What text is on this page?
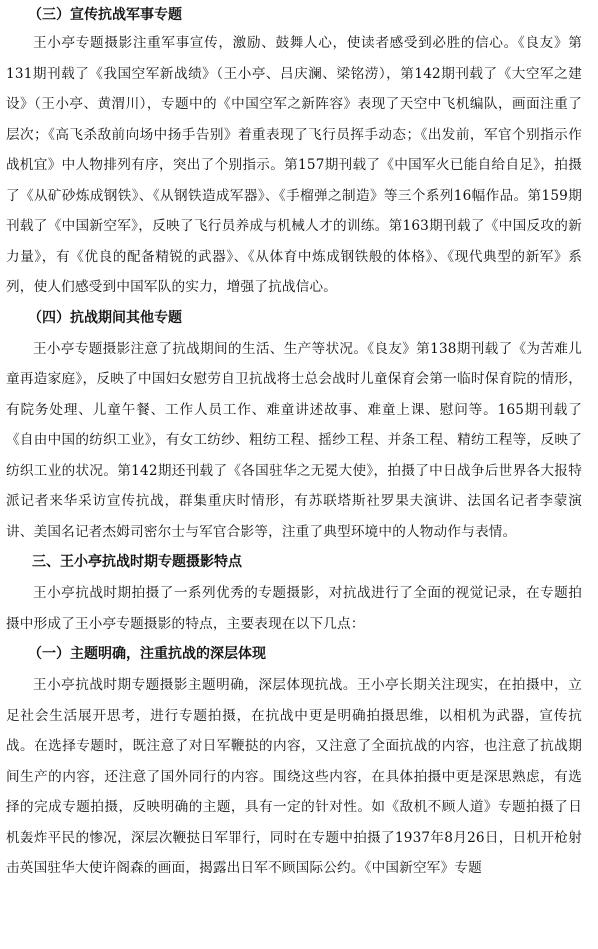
（三）宣传抗战军事专题

王小亭专题摄影注重军事宣传，激励、鼓舞人心，使读者感受到必胜的信心。《良友》第131期刊载了《我国空军新战绩》（王小亭、吕庆澜、梁铭涝），第142期刊载了《大空军之建设》（王小亭、黄渭川），专题中的《中国空军之新阵容》表现了天空中飞机编队，画面注重了层次；《高飞杀敌前向场中扬手告别》着重表现了飞行员挥手动态；《出发前，军官个别指示作战机宜》中人物排列有序，突出了个别指示。第157期刊载了《中国军火已能自给自足》，拍摄了《从矿砂炼成钢铁》、《从钢铁造成军器》、《手榴弹之制造》等三个系列16幅作品。第159期刊载了《中国新空军》，反映了飞行员养成与机械人才的训练。第163期刊载了《中国反攻的新力量》，有《优良的配备精锐的武器》、《从体育中炼成钢铁般的体格》、《现代典型的新军》系列，使人们感受到中国军队的实力，增强了抗战信心。

（四）抗战期间其他专题

王小亭专题摄影注意了抗战期间的生活、生产等状况。《良友》第138期刊载了《为苦难儿童再造家庭》，反映了中国妇女慰劳自卫抗战将士总会战时儿童保育会第一临时保育院的情形，有院务处理、儿童午餐、工作人员工作、难童讲述故事、难童上课、慰问等。165期刊载了《自由中国的纺织工业》，有女工纺纱、粗纺工程、摇纱工程、并条工程、精纺工程等，反映了纺织工业的状况。第142期还刊载了《各国驻华之无冕大使》，拍摄了中日战争后世界各大报特派记者来华采访宣传抗战，群集重庆时情形，有苏联塔斯社罗果夫演讲、法国名记者李蒙演讲、美国名记者杰姆司密尔士与军官合影等，注重了典型环境中的人物动作与表情。

三、王小亭抗战时期专题摄影特点

王小亭抗战时期拍摄了一系列优秀的专题摄影，对抗战进行了全面的视觉记录，在专题拍摄中形成了王小亭专题摄影的特点，主要表现在以下几点：

（一）主题明确，注重抗战的深层体现

王小亭抗战时期专题摄影主题明确，深层体现抗战。王小亭长期关注现实，在拍摄中，立足社会生活展开思考，进行专题拍摄，在抗战中更是明确拍摄思维，以相机为武器，宣传抗战。在选择专题时，既注意了对日军鞭挞的内容，又注意了全面抗战的内容，也注意了抗战期间生产的内容，还注意了国外同行的内容。围绕这些内容，在具体拍摄中更是深思熟虑，有选择的完成专题拍摄，反映明确的主题，具有一定的针对性。如《敌机不顾人道》专题拍摄了日机轰炸平民的惨况，深层次鞭挞日军罪行，同时在专题中拍摄了1937年8月26日，日机开枪射击英国驻华大使许阁森的画面，揭露出日军不顾国际公约。《中国新空军》专题
